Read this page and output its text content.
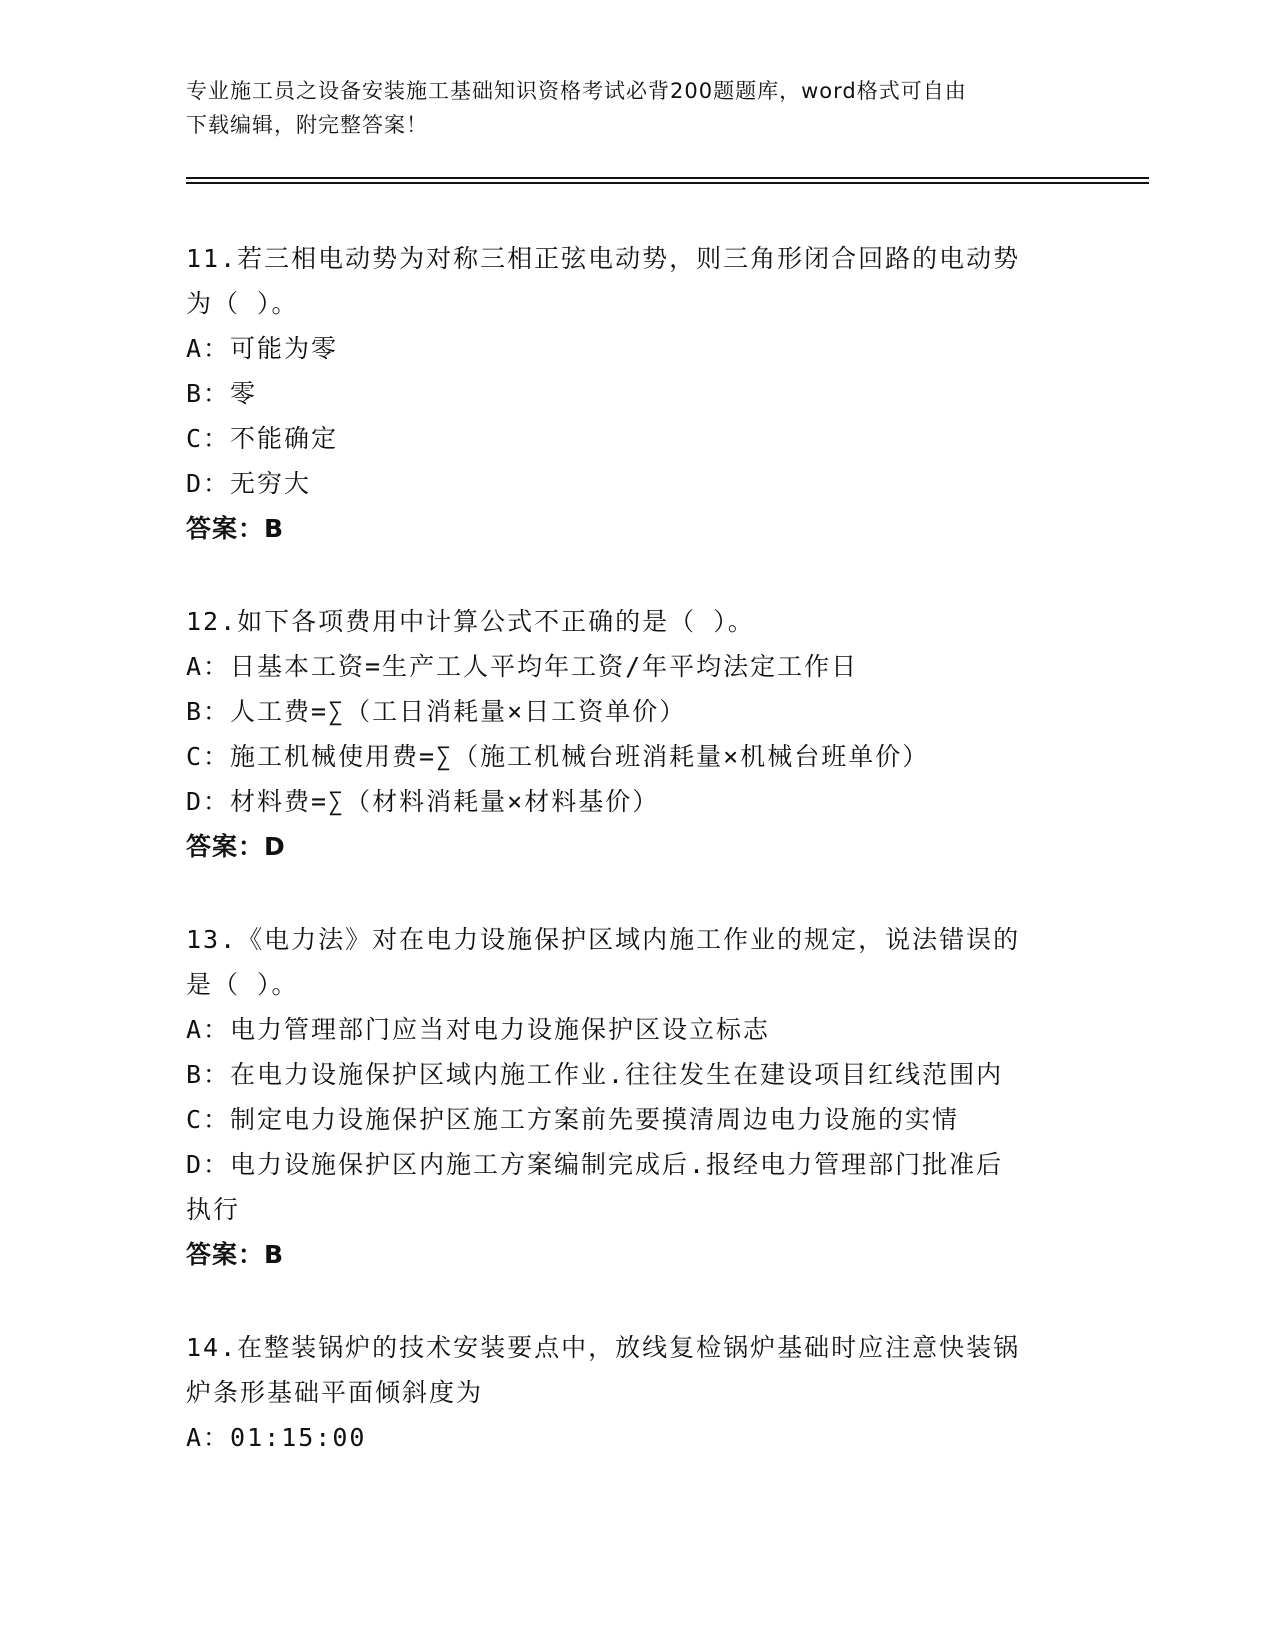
专业施工员之设备安装施工基础知识资格考试必背200题题库，word格式可自由
下载编辑，附完整答案！
11.若三相电动势为对称三相正弦电动势，则三角形闭合回路的电动势
为（ ）。
A：可能为零
B：零
C：不能确定
D：无穷大
答案：B
12.如下各项费用中计算公式不正确的是（ ）。
A：日基本工资=生产工人平均年工资/年平均法定工作日
B：人工费=∑（工日消耗量×日工资单价）
C：施工机械使用费=∑（施工机械台班消耗量×机械台班单价）
D：材料费=∑（材料消耗量×材料基价）
答案：D
13.《电力法》对在电力设施保护区域内施工作业的规定，说法错误的
是（ ）。
A：电力管理部门应当对电力设施保护区设立标志
B：在电力设施保护区域内施工作业.往往发生在建设项目红线范围内
C：制定电力设施保护区施工方案前先要摸清周边电力设施的实情
D：电力设施保护区内施工方案编制完成后.报经电力管理部门批准后
执行
答案：B
14.在整装锅炉的技术安装要点中，放线复检锅炉基础时应注意快装锅
炉条形基础平面倾斜度为
A：01:15:00
